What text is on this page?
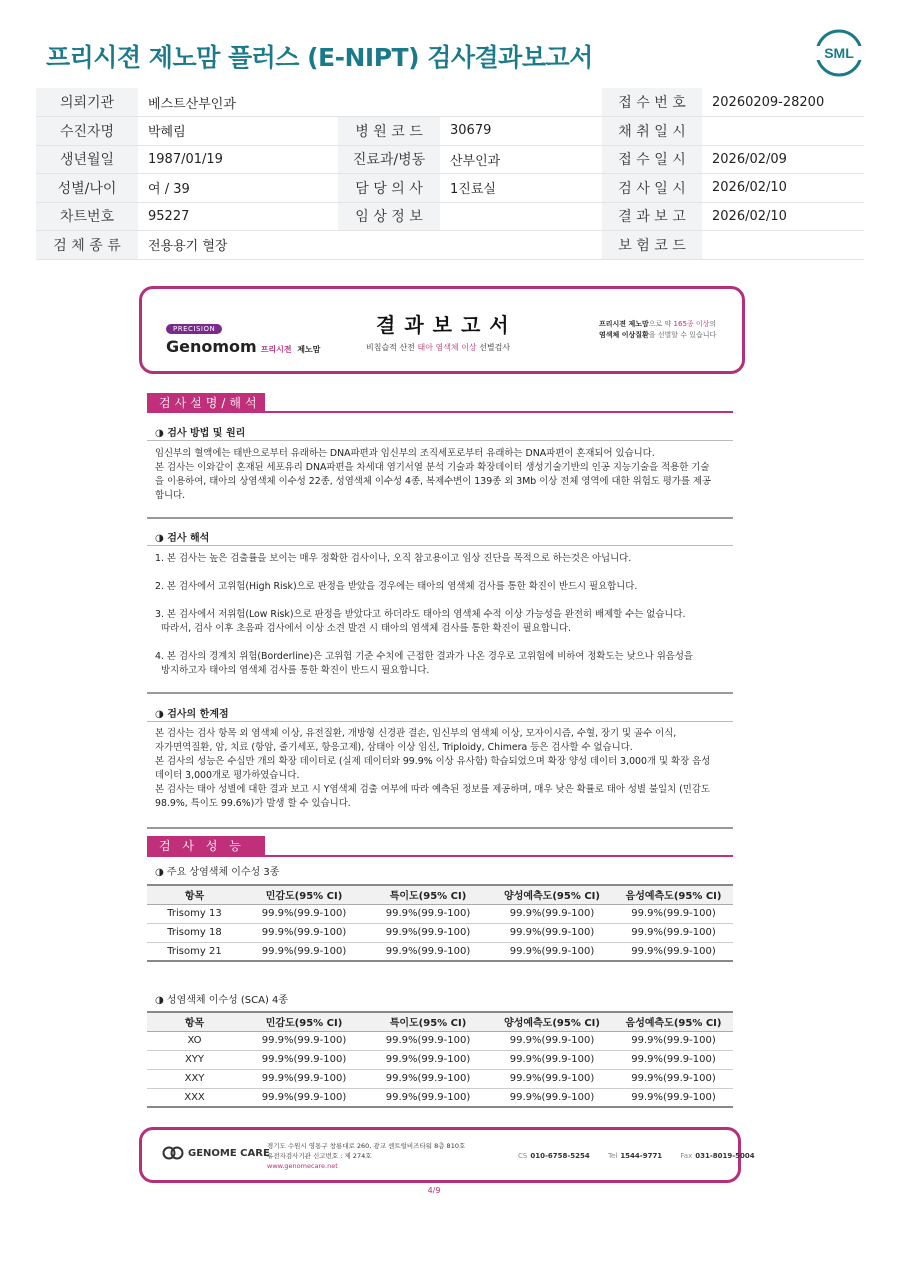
프리시젼 제노맘 플러스 (E-NIPT) 검사결과보고서	SML
의뢰기관	베스트산부인과				접 수 번 호	20260209-28200
수진자명	박혜림	병 원 코 드	30679		채 취 일 시	
생년월일	1987/01/19	진료과/병동	산부인과		접 수 일 시	2026/02/09
성별/나이	여 / 39	담 당 의 사	1진료실		검 사 일 시	2026/02/10
차트번호	95227	임 상 정 보			결 과 보 고	2026/02/10
검 체 종 류	전용용기 혈장				보 험 코 드	
PRECISION
Genomom 프리시젼 제노맘
결과보고서
비침습적 산전 태아 염색체 이상 선별검사
프리시젼 제노맘으로 약 165종 이상의
염색체 이상질환을 선별할 수 있습니다
검사설명/해석
◑ 검사 방법 및 원리
임신부의 혈액에는 태반으로부터 유래하는 DNA파편과 임신부의 조직세포로부터 유래하는 DNA파편이 혼재되어 있습니다.
본 검사는 이와같이 혼재된 세포유리 DNA파편을 차세대 염기서열 분석 기술과 확장데이터 생성기술기반의 인공 지능기술을 적용한 기술
을 이용하여, 태아의 상염색체 이수성 22종, 성염색체 이수성 4종, 복제수변이 139종 외 3Mb 이상 전체 영역에 대한 위험도 평가를 제공
합니다.
◑ 검사 해석
1. 본 검사는 높은 검출률을 보이는 매우 정확한 검사이나, 오직 참고용이고 임상 진단을 목적으로 하는것은 아닙니다.
2. 본 검사에서 고위험(High Risk)으로 판정을 받았을 경우에는 태아의 염색체 검사를 통한 확진이 반드시 필요합니다.
3. 본 검사에서 저위험(Low Risk)으로 판정을 받았다고 하더라도 태아의 염색체 수적 이상 가능성을 완전히 배제할 수는 없습니다.
따라서, 검사 이후 초음파 검사에서 이상 소견 발견 시 태아의 염색체 검사를 통한 확진이 필요합니다.
4. 본 검사의 경계치 위험(Borderline)은 고위험 기준 수치에 근접한 결과가 나온 경우로 고위험에 비하여 정확도는 낮으나 위음성을
방지하고자 태아의 염색체 검사를 통한 확진이 반드시 필요합니다.
◑ 검사의 한계점
본 검사는 검사 항목 외 염색체 이상, 유전질환, 개방형 신경관 결손, 임신부의 염색체 이상, 모자이시즘, 수혈, 장기 및 골수 이식,
자가면역질환, 암, 치료 (항암, 줄기세포, 항응고제), 삼태아 이상 임신, Triploidy, Chimera 등은 검사할 수 없습니다.
본 검사의 성능은 수십만 개의 확장 데이터로 (실제 데이터와 99.9% 이상 유사함) 학습되었으며 확장 양성 데이터 3,000개 및 확장 음성
데이터 3,000개로 평가하였습니다.
본 검사는 태아 성별에 대한 결과 보고 시 Y염색체 검출 여부에 따라 예측된 정보를 제공하며, 매우 낮은 확률로 태아 성별 불일치 (민감도
98.9%, 특이도 99.6%)가 발생 할 수 있습니다.
검 사 성 능
◑ 주요 상염색체 이수성 3종
항목	민감도(95% CI)	특이도(95% CI)	양성예측도(95% CI)	음성예측도(95% CI)
Trisomy 13	99.9%(99.9-100)	99.9%(99.9-100)	99.9%(99.9-100)	99.9%(99.9-100)
Trisomy 18	99.9%(99.9-100)	99.9%(99.9-100)	99.9%(99.9-100)	99.9%(99.9-100)
Trisomy 21	99.9%(99.9-100)	99.9%(99.9-100)	99.9%(99.9-100)	99.9%(99.9-100)
◑ 성염색체 이수성 (SCA) 4종
항목	민감도(95% CI)	특이도(95% CI)	양성예측도(95% CI)	음성예측도(95% CI)
XO	99.9%(99.9-100)	99.9%(99.9-100)	99.9%(99.9-100)	99.9%(99.9-100)
XYY	99.9%(99.9-100)	99.9%(99.9-100)	99.9%(99.9-100)	99.9%(99.9-100)
XXY	99.9%(99.9-100)	99.9%(99.9-100)	99.9%(99.9-100)	99.9%(99.9-100)
XXX	99.9%(99.9-100)	99.9%(99.9-100)	99.9%(99.9-100)	99.9%(99.9-100)
GENOME CARE
경기도 수원시 영통구 창룡대로 260, 광교 센트럴비즈타워 8층 810호
유전자검사기관 신고번호 : 제 274호
www.genomecare.net
CS 010-6758-5254	Tel 1544-9771	Fax 031-8019-5004
4/9
